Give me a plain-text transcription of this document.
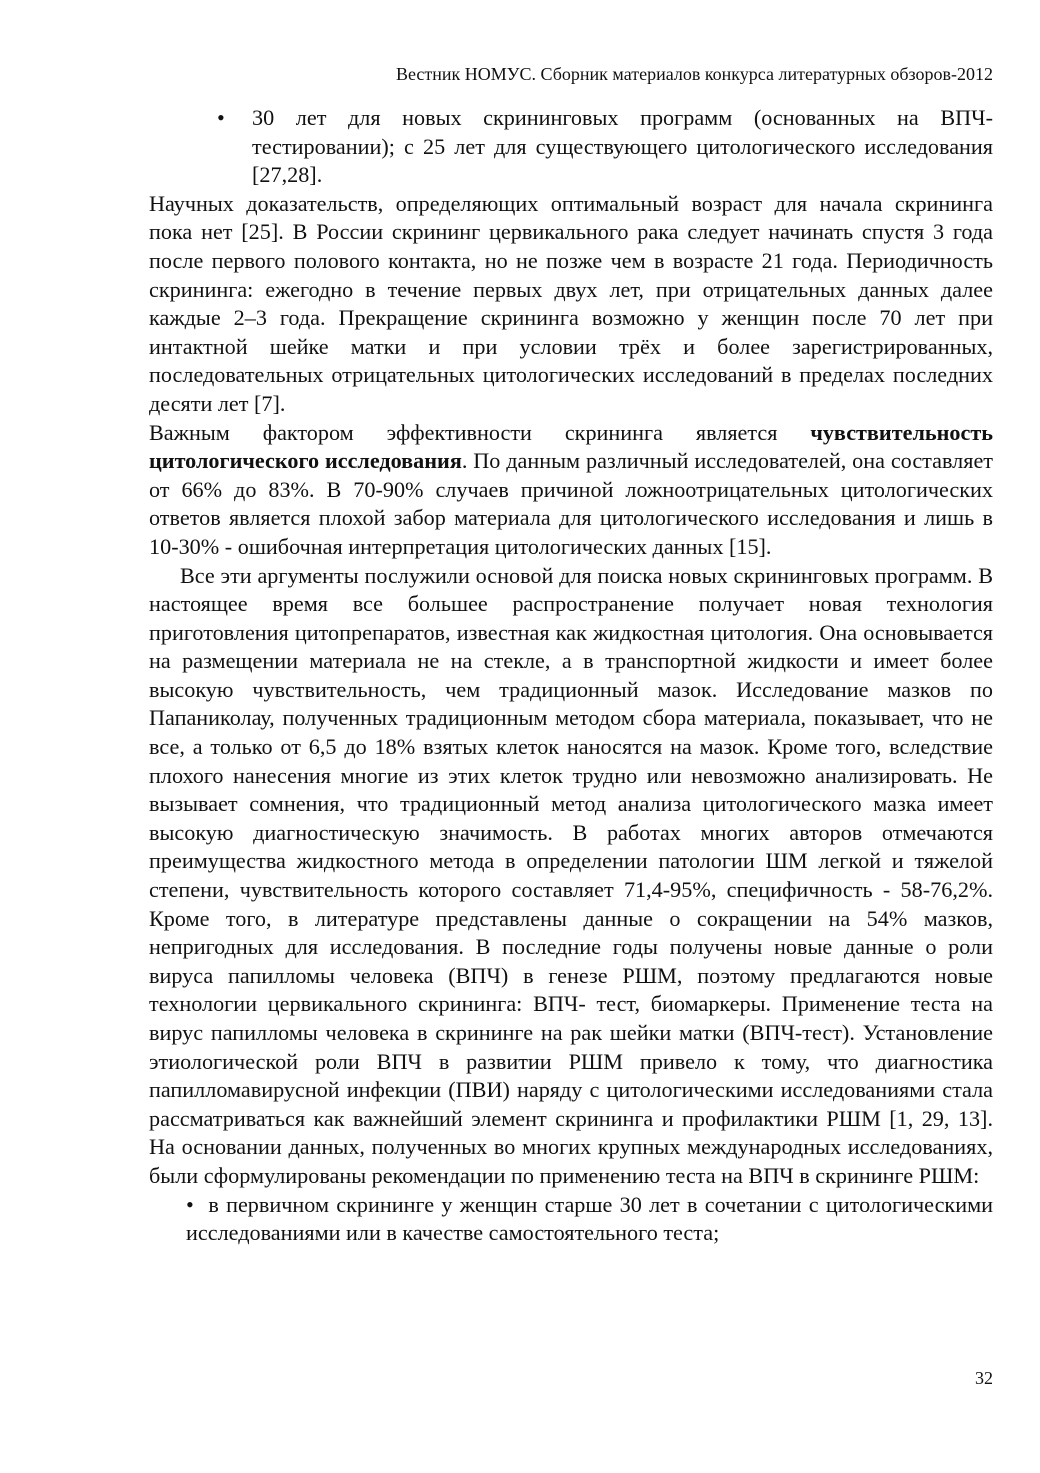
Вестник НОМУС. Сборник материалов конкурса литературных обзоров-2012
• 30 лет для новых скрининговых программ (основанных на ВПЧ-тестировании); с 25 лет для существующего цитологического исследования [27,28].

Научных доказательств, определяющих оптимальный возраст для начала скрининга пока нет [25]. В России скрининг цервикального рака следует начинать спустя 3 года после первого полового контакта, но не позже чем в возрасте 21 года. Периодичность скрининга: ежегодно в течение первых двух лет, при отрицательных данных далее каждые 2–3 года. Прекращение скрининга возможно у женщин после 70 лет при интактной шейке матки и при условии трёх и более зарегистрированных, последовательных отрицательных цитологических исследований в пределах последних десяти лет [7].

Важным фактором эффективности скрининга является чувствительность цитологического исследования. По данным различный исследователей, она составляет от 66% до 83%. В 70-90% случаев причиной ложноотрицательных цитологических ответов является плохой забор материала для цитологического исследования и лишь в 10-30% - ошибочная интерпретация цитологических данных [15].

Все эти аргументы послужили основой для поиска новых скрининговых программ. В настоящее время все большее распространение получает новая технология приготовления цитопрепаратов, известная как жидкостная цитология. Она основывается на размещении материала не на стекле, а в транспортной жидкости и имеет более высокую чувствительность, чем традиционный мазок. Исследование мазков по Папаниколау, полученных традиционным методом сбора материала, показывает, что не все, а только от 6,5 до 18% взятых клеток наносятся на мазок. Кроме того, вследствие плохого нанесения многие из этих клеток трудно или невозможно анализировать. Не вызывает сомнения, что традиционный метод анализа цитологического мазка имеет высокую диагностическую значимость. В работах многих авторов отмечаются преимущества жидкостного метода в определении патологии ШМ легкой и тяжелой степени, чувствительность которого составляет 71,4-95%, специфичность - 58-76,2%. Кроме того, в литературе представлены данные о сокращении на 54% мазков, непригодных для исследования. В последние годы получены новые данные о роли вируса папилломы человека (ВПЧ) в генезе РШМ, поэтому предлагаются новые технологии цервикального скрининга: ВПЧ- тест, биомаркеры. Применение теста на вирус папилломы человека в скрининге на рак шейки матки (ВПЧ-тест). Установление этиологической роли ВПЧ в развитии РШМ привело к тому, что диагностика папилломавирусной инфекции (ПВИ) наряду с цитологическими исследованиями стала рассматриваться как важнейший элемент скрининга и профилактики РШМ [1, 29, 13]. На основании данных, полученных во многих крупных международных исследованиях, были сформулированы рекомендации по применению теста на ВПЧ в скрининге РШМ:

•  в первичном скрининге у женщин старше 30 лет в сочетании с цитологическими исследованиями или в качестве самостоятельного теста;
32
